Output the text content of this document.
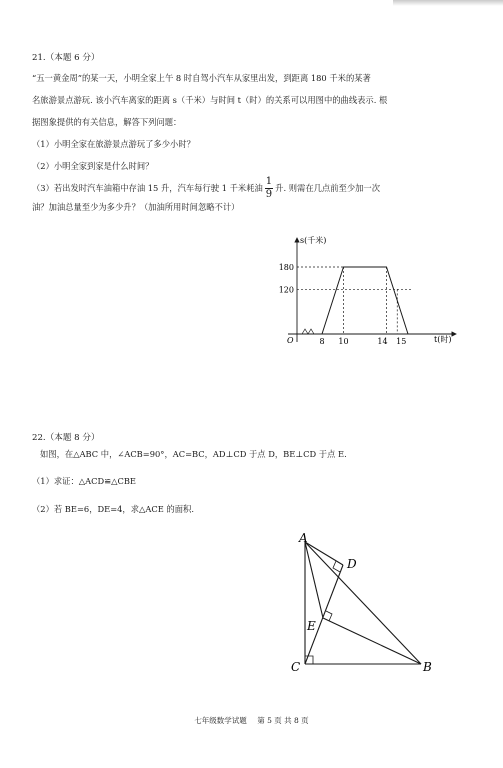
21.（本题 6 分）
“五一黄金周”的某一天，小明全家上午 8 时自驾小汽车从家里出发，到距离 180 千米的某著
名旅游景点游玩. 该小汽车离家的距离 s（千米）与时间 t（时）的关系可以用图中的曲线表示. 根
据图象提供的有关信息，解答下列问题：
（1）小明全家在旅游景点游玩了多少小时？
（2）小明全家到家是什么时间？
（3）若出发时汽车油箱中存油 15 升，汽车每行驶 1 千米耗油 $\frac{1}{9}$ 升. 则需在几点前至少加一次
油？加油总量至少为多少升？（加油所用时间忽略不计）
s(千米)
t(时)
O
180
120
8 10	14 15
22.（本题 8 分）
如图，在△ABC 中，∠ACB=90°，AC=BC，AD⊥CD 于点 D，BE⊥CD 于点 E.
（1）求证：△ACD≌△CBE
（2）若 BE=6，DE=4，求△ACE 的面积.
A
D
E
C	B
七年级数学试题 第 5 页 共 8 页
